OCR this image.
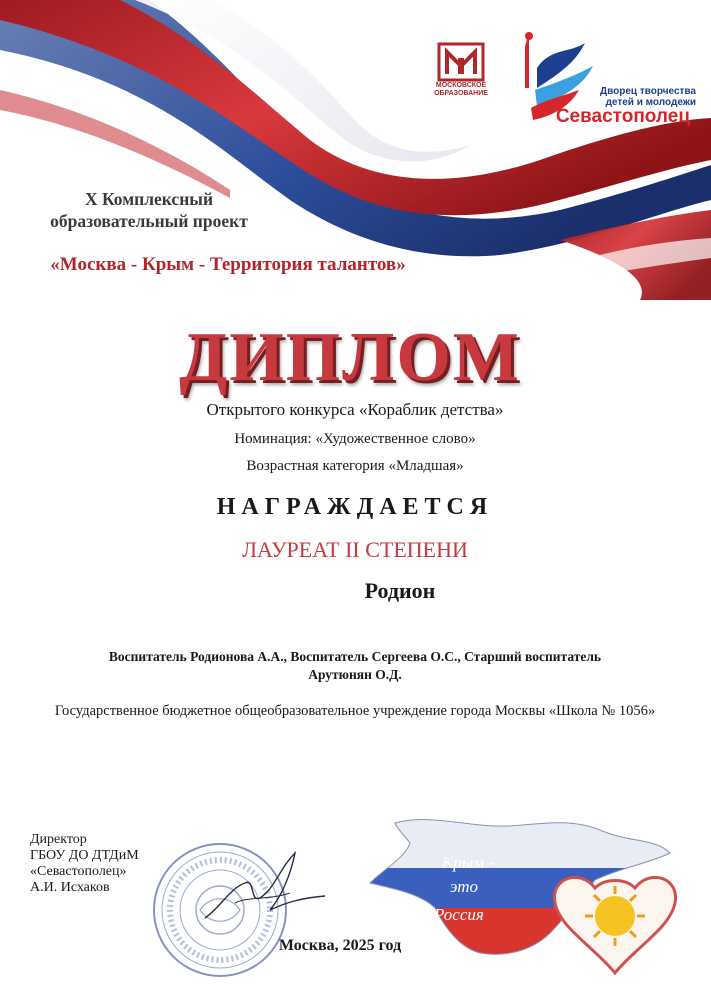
МОСКОВСКОЕ ОБРАЗОВАНИЕ	Дворец творчества детей и молодежи
Севастополец
X Комплексный образовательный проект
«Москва - Крым - Территория талантов»
ДИПЛОМ
Открытого конкурса «Кораблик детства»
Номинация: «Художественное слово»
Возрастная категория «Младшая»
НАГРАЖДАЕТСЯ
ЛАУРЕАТ II СТЕПЕНИ
Родион
Воспитатель Родионова А.А., Воспитатель Сергеева О.С., Старший воспитатель Арутюнян О.Д.
Государственное бюджетное общеобразовательное учреждение города Москвы «Школа № 1056»
Директор
ГБОУ ДО ДТДиМ
«Севастополец»
А.И. Исхаков
Москва, 2025 год
Крым -
это
Россия
